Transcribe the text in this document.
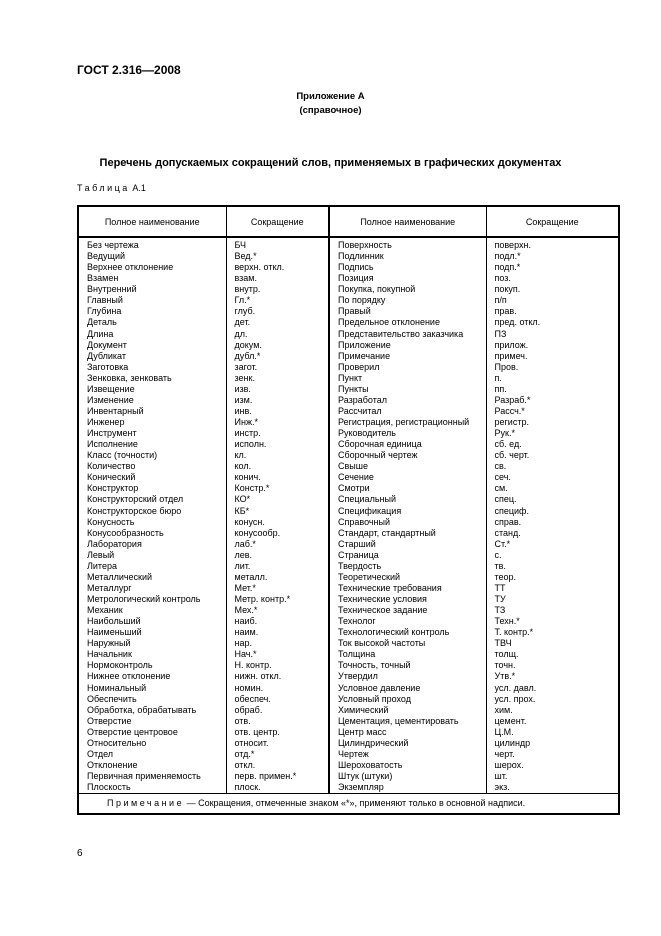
ГОСТ 2.316—2008
Приложение А
(справочное)
Перечень допускаемых сокращений слов, применяемых в графических документах
Таблица А.1
Полное наименование	Сокращение	Полное наименование	Сокращение
Без чертежа	БЧ	Поверхность	поверхн.
Ведущий	Вед.*	Подлинник	подл.*
Верхнее отклонение	верхн. откл.	Подпись	подп.*
Взамен	взам.	Позиция	поз.
Внутренний	внутр.	Покупка, покупной	покуп.
Главный	Гл.*	По порядку	п/п
Глубина	глуб.	Правый	прав.
Деталь	дет.	Предельное отклонение	пред. откл.
Длина	дл.	Представительство заказчика	ПЗ
Документ	докум.	Приложение	прилож.
Дубликат	дубл.*	Примечание	примеч.
Заготовка	загот.	Проверил	Пров.
Зенковка, зенковать	зенк.	Пункт	п.
Извещение	изв.	Пункты	пп.
Изменение	изм.	Разработал	Разраб.*
Инвентарный	инв.	Рассчитал	Рассч.*
Инженер	Инж.*	Регистрация, регистрационный	регистр.
Инструмент	инстр.	Руководитель	Рук.*
Исполнение	исполн.	Сборочная единица	сб. ед.
Класс (точности)	кл.	Сборочный чертеж	сб. черт.
Количество	кол.	Свыше	св.
Конический	конич.	Сечение	сеч.
Конструктор	Констр.*	Смотри	см.
Конструкторский отдел	КО*	Специальный	спец.
Конструкторское бюро	КБ*	Спецификация	специф.
Конусность	конусн.	Справочный	справ.
Конусообразность	конусообр.	Стандарт, стандартный	станд.
Лаборатория	лаб.*	Старший	Ст.*
Левый	лев.	Страница	с.
Литера	лит.	Твердость	тв.
Металлический	металл.	Теоретический	теор.
Металлург	Мет.*	Технические требования	ТТ
Метрологический контроль	Метр. контр.*	Технические условия	ТУ
Механик	Мех.*	Техническое задание	ТЗ
Наибольший	наиб.	Технолог	Техн.*
Наименьший	наим.	Технологический контроль	Т. контр.*
Наружный	нар.	Ток высокой частоты	ТВЧ
Начальник	Нач.*	Толщина	толщ.
Нормоконтроль	Н. контр.	Точность, точный	точн.
Нижнее отклонение	нижн. откл.	Утвердил	Утв.*
Номинальный	номин.	Условное давление	усл. давл.
Обеспечить	обеспеч.	Условный проход	усл. прох.
Обработка, обрабатывать	обраб.	Химический	хим.
Отверстие	отв.	Цементация, цементировать	цемент.
Отверстие центровое	отв. центр.	Центр масс	Ц.М.
Относительно	относит.	Цилиндрический	цилиндр
Отдел	отд.*	Чертеж	черт.
Отклонение	откл.	Шероховатость	шерох.
Первичная применяемость	перв. примен.*	Штук (штуки)	шт.
Плоскость	плоск.	Экземпляр	экз.
Примечание — Сокращения, отмеченные знаком «*», применяют только в основной надписи.			
6
